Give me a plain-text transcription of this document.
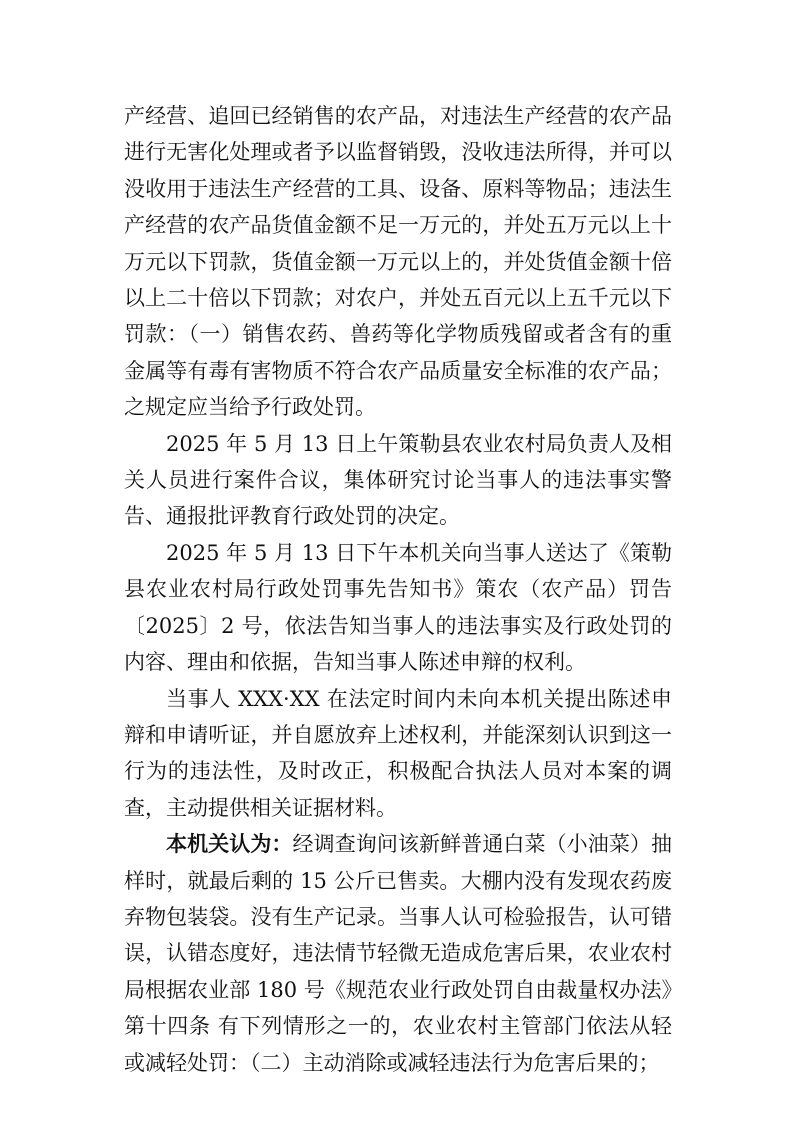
产经营、追回已经销售的农产品，对违法生产经营的农产品进行无害化处理或者予以监督销毁，没收违法所得，并可以没收用于违法生产经营的工具、设备、原料等物品；违法生产经营的农产品货值金额不足一万元的，并处五万元以上十万元以下罚款，货值金额一万元以上的，并处货值金额十倍以上二十倍以下罚款；对农户，并处五百元以上五千元以下罚款：（一）销售农药、兽药等化学物质残留或者含有的重金属等有毒有害物质不符合农产品质量安全标准的农产品；之规定应当给予行政处罚。

2025 年 5 月 13 日上午策勒县农业农村局负责人及相关人员进行案件合议，集体研究讨论当事人的违法事实警告、通报批评教育行政处罚的决定。

2025 年 5 月 13 日下午本机关向当事人送达了《策勒县农业农村局行政处罚事先告知书》策农（农产品）罚告〔2025〕2 号，依法告知当事人的违法事实及行政处罚的内容、理由和依据，告知当事人陈述申辩的权利。

当事人 XXX·XX 在法定时间内未向本机关提出陈述申辩和申请听证，并自愿放弃上述权利，并能深刻认识到这一行为的违法性，及时改正，积极配合执法人员对本案的调查，主动提供相关证据材料。

本机关认为：经调查询问该新鲜普通白菜（小油菜）抽样时，就最后剩的 15 公斤已售卖。大棚内没有发现农药废弃物包装袋。没有生产记录。当事人认可检验报告，认可错误，认错态度好，违法情节轻微无造成危害后果，农业农村局根据农业部 180 号《规范农业行政处罚自由裁量权办法》第十四条 有下列情形之一的，农业农村主管部门依法从轻或减轻处罚：（二）主动消除或减轻违法行为危害后果的；
